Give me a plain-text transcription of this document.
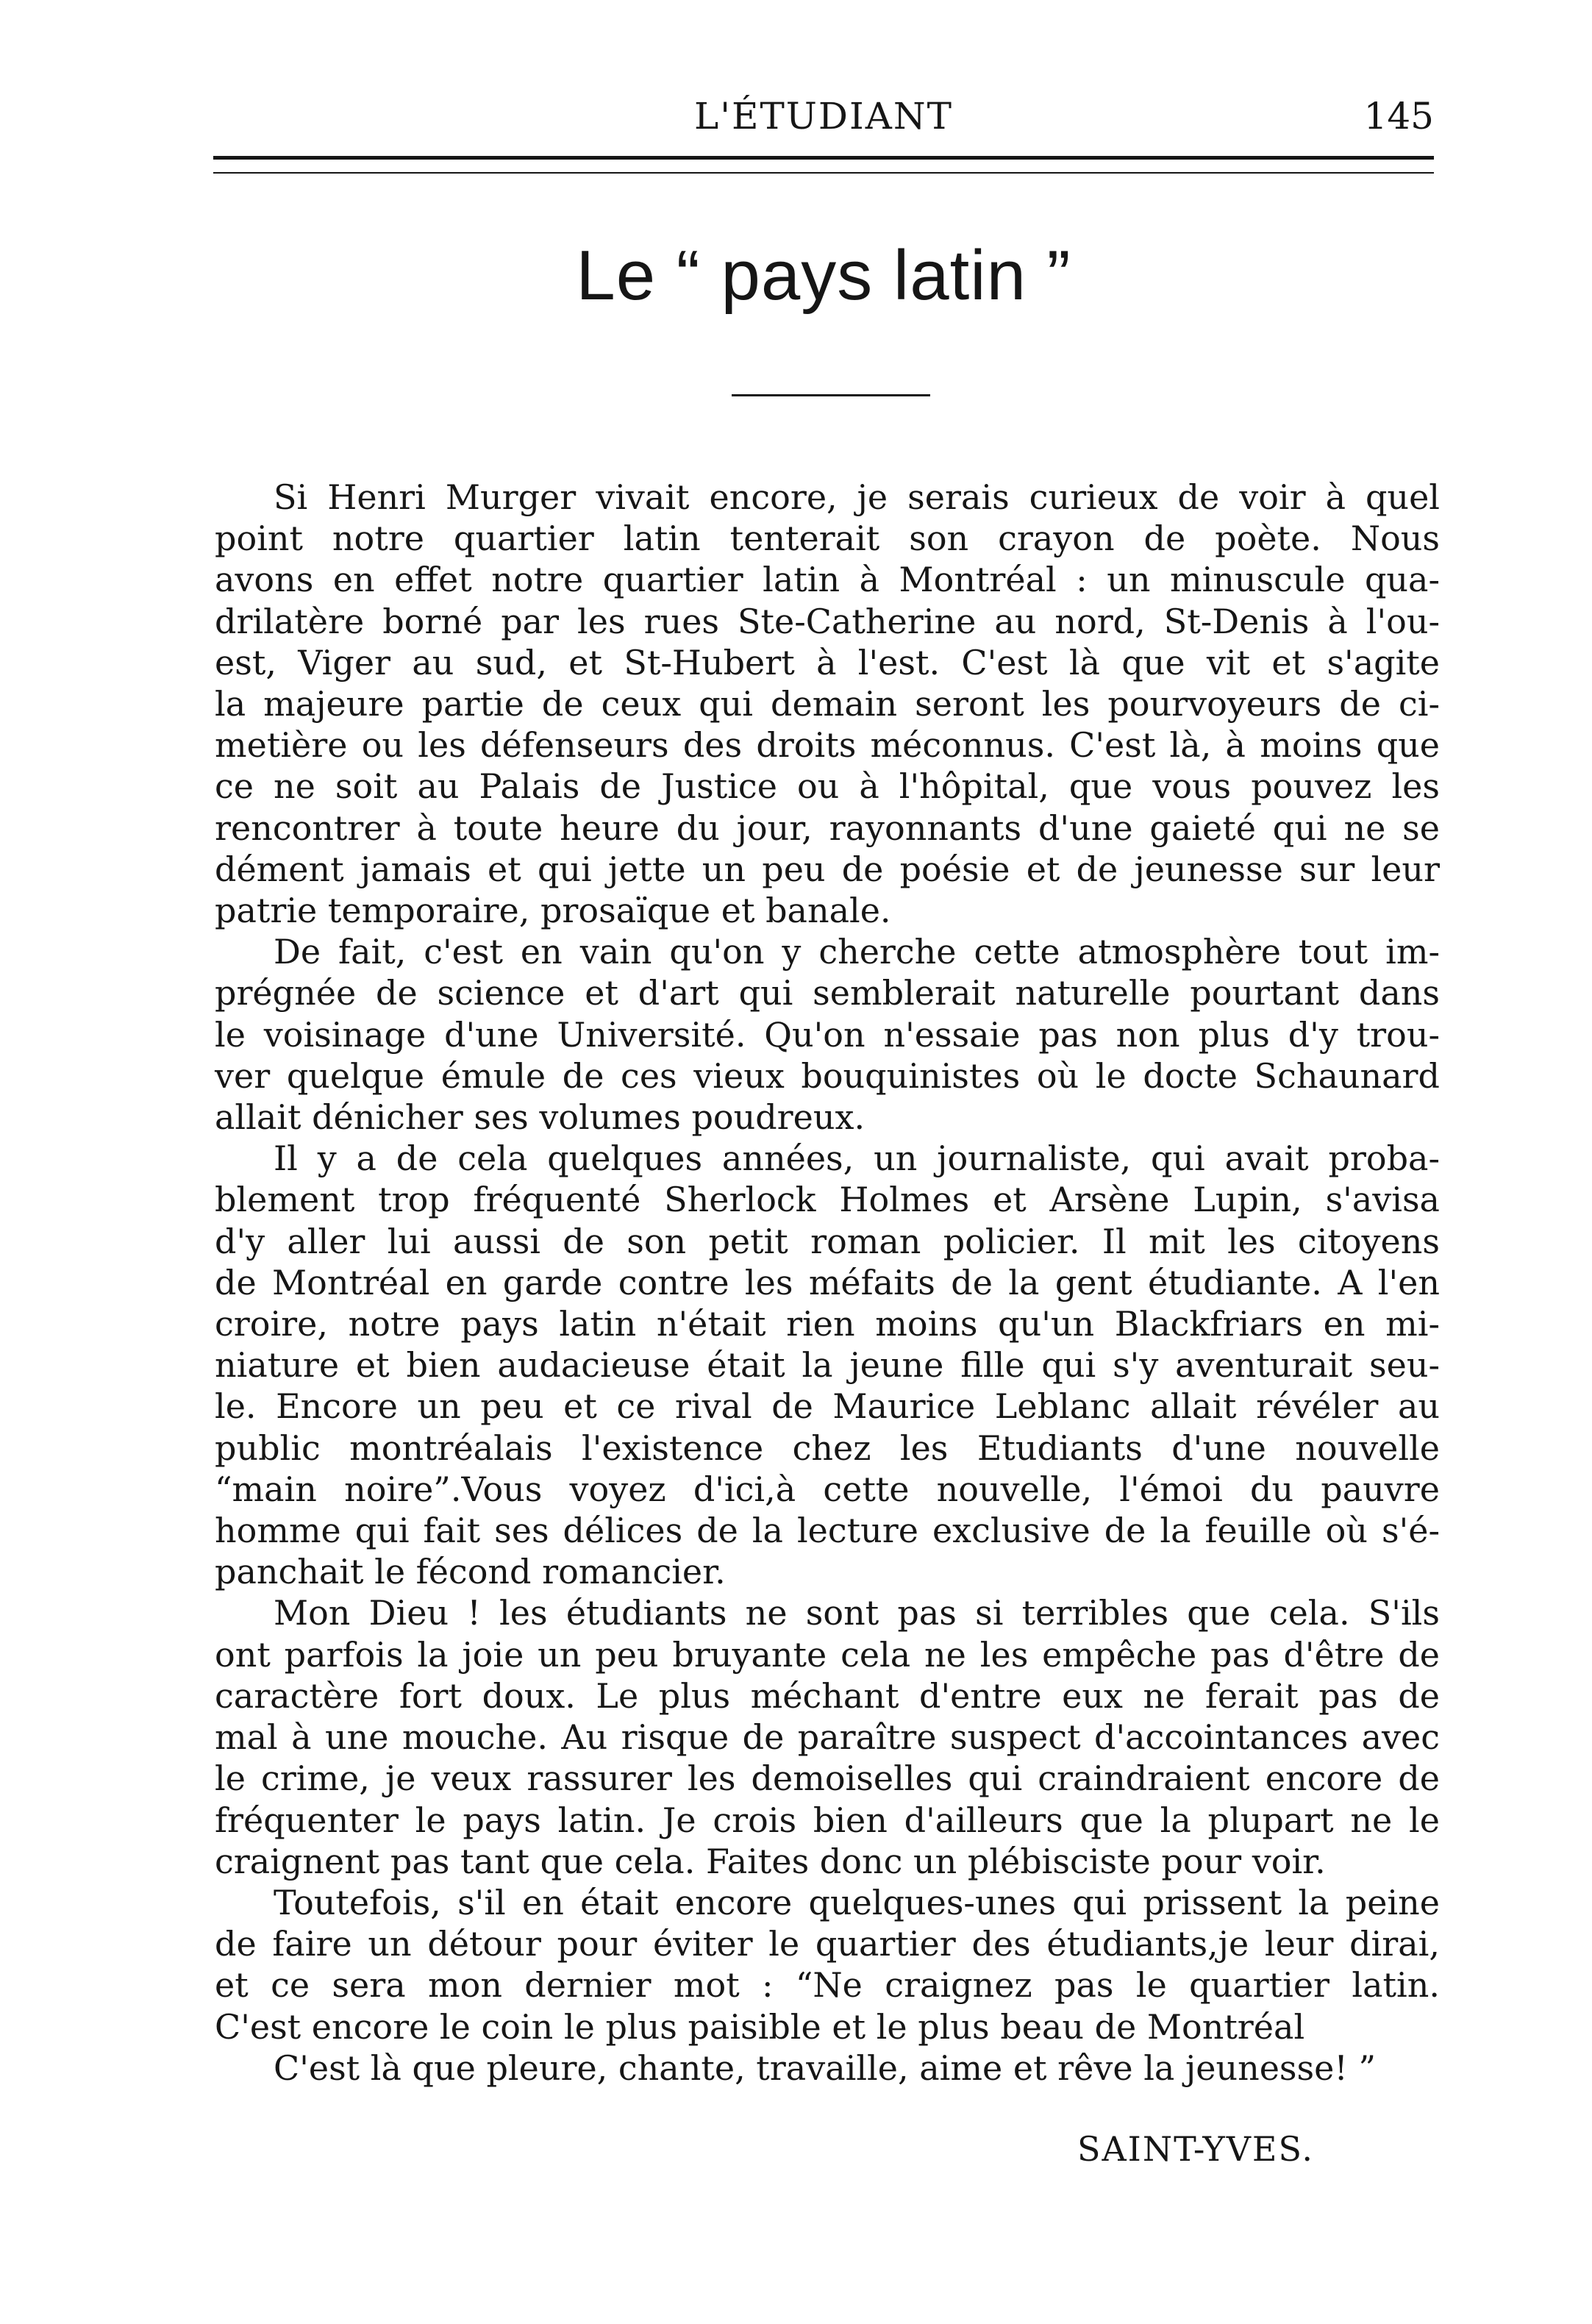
L'ÉTUDIANT	145
Le “ pays latin ”
Si Henri Murger vivait encore, je serais curieux de voir à quel
point notre quartier latin tenterait son crayon de poète. Nous
avons en effet notre quartier latin à Montréal : un minuscule qua-
drilatère borné par les rues Ste-Catherine au nord, St-Denis à l'ou-
est, Viger au sud, et St-Hubert à l'est. C'est là que vit et s'agite
la majeure partie de ceux qui demain seront les pourvoyeurs de ci-
metière ou les défenseurs des droits méconnus. C'est là, à moins que
ce ne soit au Palais de Justice ou à l'hôpital, que vous pouvez les
rencontrer à toute heure du jour, rayonnants d'une gaieté qui ne se
dément jamais et qui jette un peu de poésie et de jeunesse sur leur
patrie temporaire, prosaïque et banale.
De fait, c'est en vain qu'on y cherche cette atmosphère tout im-
prégnée de science et d'art qui semblerait naturelle pourtant dans
le voisinage d'une Université. Qu'on n'essaie pas non plus d'y trou-
ver quelque émule de ces vieux bouquinistes où le docte Schaunard
allait dénicher ses volumes poudreux.
Il y a de cela quelques années, un journaliste, qui avait proba-
blement trop fréquenté Sherlock Holmes et Arsène Lupin, s'avisa
d'y aller lui aussi de son petit roman policier. Il mit les citoyens
de Montréal en garde contre les méfaits de la gent étudiante. A l'en
croire, notre pays latin n'était rien moins qu'un Blackfriars en mi-
niature et bien audacieuse était la jeune fille qui s'y aventurait seu-
le. Encore un peu et ce rival de Maurice Leblanc allait révéler au
public montréalais l'existence chez les Etudiants d'une nouvelle
“main noire”.Vous voyez d'ici,à cette nouvelle, l'émoi du pauvre
homme qui fait ses délices de la lecture exclusive de la feuille où s'é-
panchait le fécond romancier.
Mon Dieu ! les étudiants ne sont pas si terribles que cela. S'ils
ont parfois la joie un peu bruyante cela ne les empêche pas d'être de
caractère fort doux. Le plus méchant d'entre eux ne ferait pas de
mal à une mouche. Au risque de paraître suspect d'accointances avec
le crime, je veux rassurer les demoiselles qui craindraient encore de
fréquenter le pays latin. Je crois bien d'ailleurs que la plupart ne le
craignent pas tant que cela. Faites donc un plébisciste pour voir.
Toutefois, s'il en était encore quelques-unes qui prissent la peine
de faire un détour pour éviter le quartier des étudiants,je leur dirai,
et ce sera mon dernier mot : “Ne craignez pas le quartier latin.
C'est encore le coin le plus paisible et le plus beau de Montréal
C'est là que pleure, chante, travaille, aime et rêve la jeunesse! ”
SAINT-YVES.
